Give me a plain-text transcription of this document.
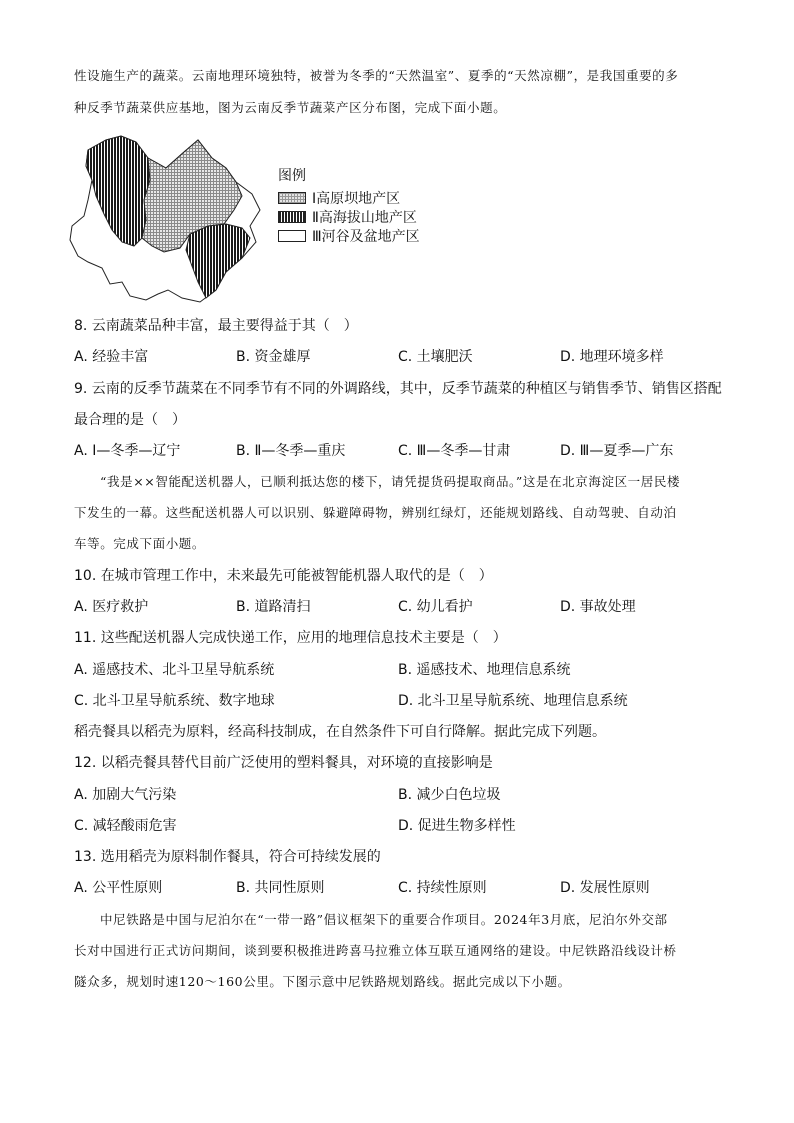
性设施生产的蔬菜。云南地理环境独特，被誉为冬季的“天然温室”、夏季的“天然凉棚”，是我国重要的多
种反季节蔬菜供应基地，图为云南反季节蔬菜产区分布图，完成下面小题。
图例
Ⅰ高原坝地产区
Ⅱ高海拔山地产区
Ⅲ河谷及盆地产区
8. 云南蔬菜品种丰富，最主要得益于其（　）
A. 经验丰富	B. 资金雄厚	C. 土壤肥沃	D. 地理环境多样
9. 云南的反季节蔬菜在不同季节有不同的外调路线，其中，反季节蔬菜的种植区与销售季节、销售区搭配
最合理的是（　）
A. Ⅰ—冬季—辽宁	B. Ⅱ—冬季—重庆	C. Ⅲ—冬季—甘肃	D. Ⅲ—夏季—广东
“我是××智能配送机器人，已顺利抵达您的楼下，请凭提货码提取商品。”这是在北京海淀区一居民楼
下发生的一幕。这些配送机器人可以识别、躲避障碍物，辨别红绿灯，还能规划路线、自动驾驶、自动泊
车等。完成下面小题。
10. 在城市管理工作中，未来最先可能被智能机器人取代的是（　）
A. 医疗救护	B. 道路清扫	C. 幼儿看护	D. 事故处理
11. 这些配送机器人完成快递工作，应用的地理信息技术主要是（　）
A. 遥感技术、北斗卫星导航系统	B. 遥感技术、地理信息系统
C. 北斗卫星导航系统、数字地球	D. 北斗卫星导航系统、地理信息系统
稻壳餐具以稻壳为原料，经高科技制成，在自然条件下可自行降解。据此完成下列题。
12. 以稻壳餐具替代目前广泛使用的塑料餐具，对环境的直接影响是
A. 加剧大气污染	B. 减少白色垃圾
C. 减轻酸雨危害	D. 促进生物多样性
13. 选用稻壳为原料制作餐具，符合可持续发展的
A. 公平性原则	B. 共同性原则	C. 持续性原则	D. 发展性原则
中尼铁路是中国与尼泊尔在“一带一路”倡议框架下的重要合作项目。2024年3月底，尼泊尔外交部
长对中国进行正式访问期间，谈到要积极推进跨喜马拉雅立体互联互通网络的建设。中尼铁路沿线设计桥
隧众多，规划时速120～160公里。下图示意中尼铁路规划路线。据此完成以下小题。
